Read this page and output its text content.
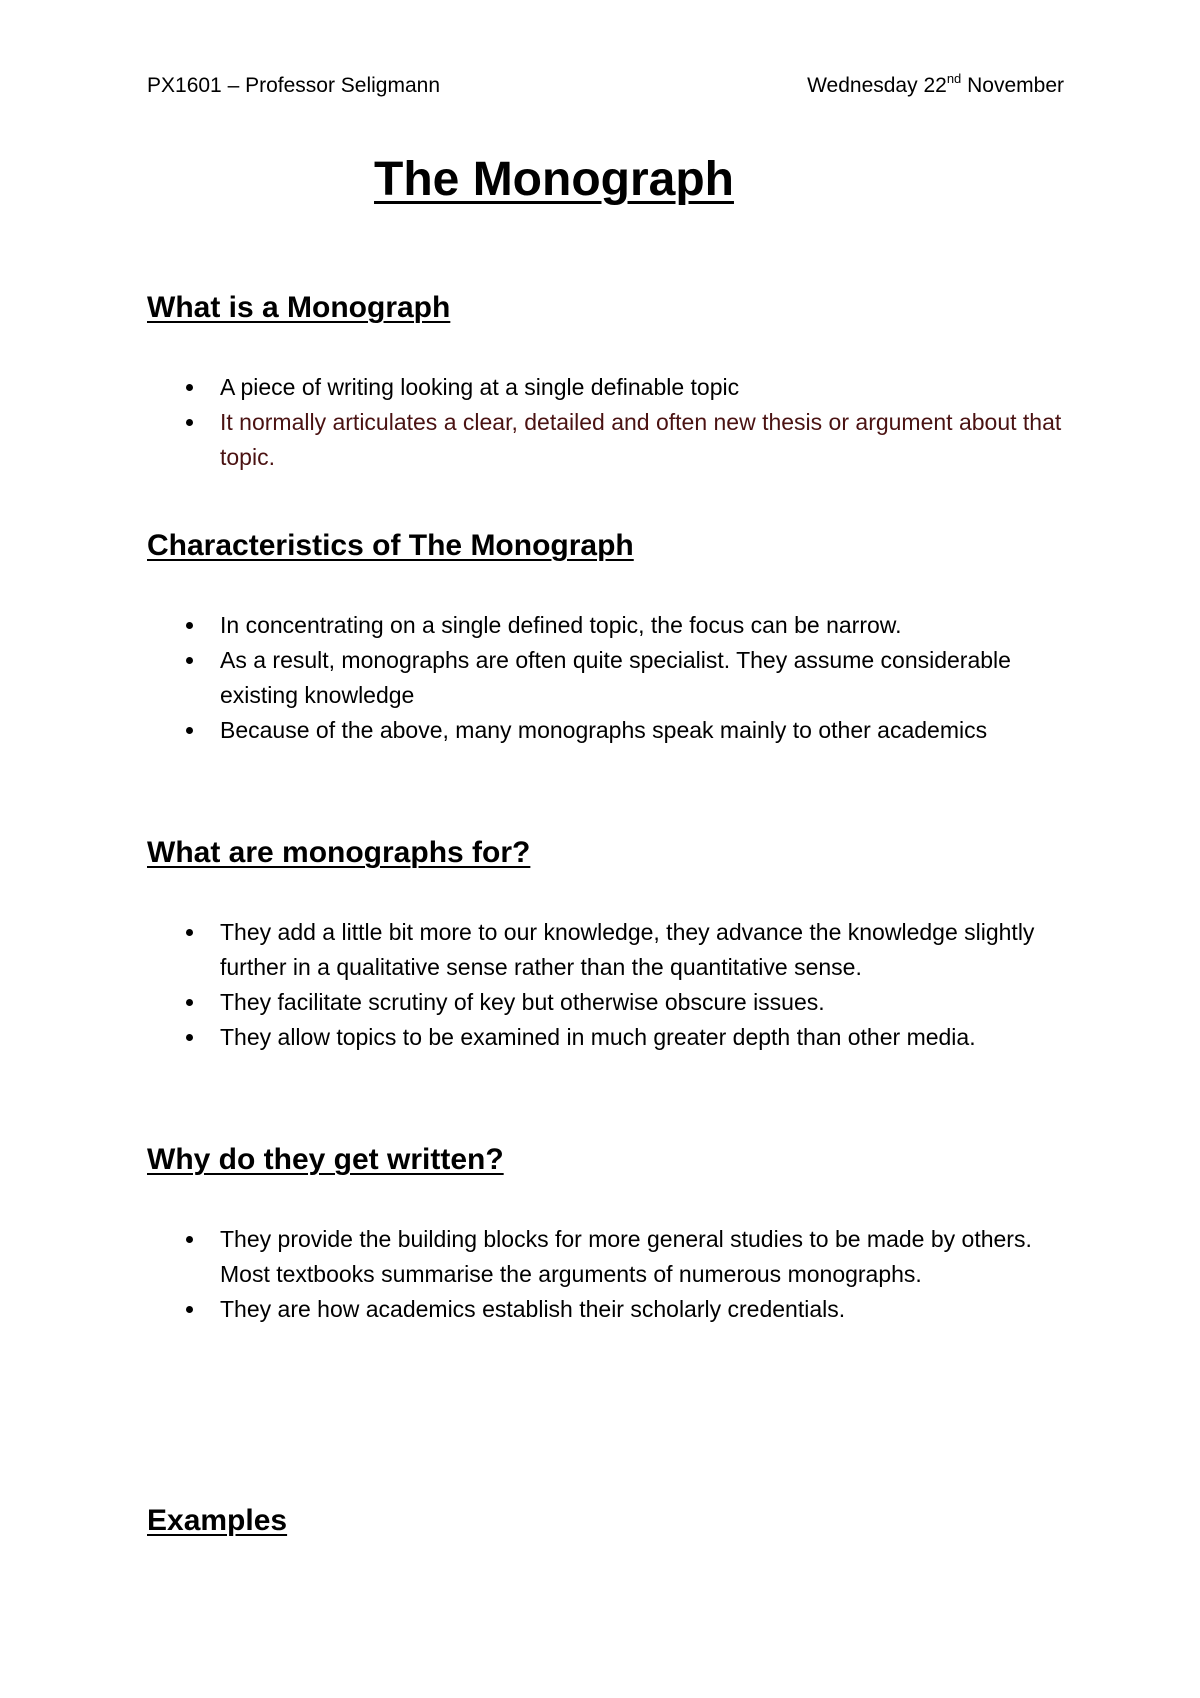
PX1601 – Professor Seligmann	Wednesday 22nd November
The Monograph
What is a Monograph
A piece of writing looking at a single definable topic
It normally articulates a clear, detailed and often new thesis or argument about that topic.
Characteristics of The Monograph
In concentrating on a single defined topic, the focus can be narrow.
As a result, monographs are often quite specialist. They assume considerable existing knowledge
Because of the above, many monographs speak mainly to other academics
What are monographs for?
They add a little bit more to our knowledge, they advance the knowledge slightly further in a qualitative sense rather than the quantitative sense.
They facilitate scrutiny of key but otherwise obscure issues.
They allow topics to be examined in much greater depth than other media.
Why do they get written?
They provide the building blocks for more general studies to be made by others. Most textbooks summarise the arguments of numerous monographs.
They are how academics establish their scholarly credentials.
Examples
